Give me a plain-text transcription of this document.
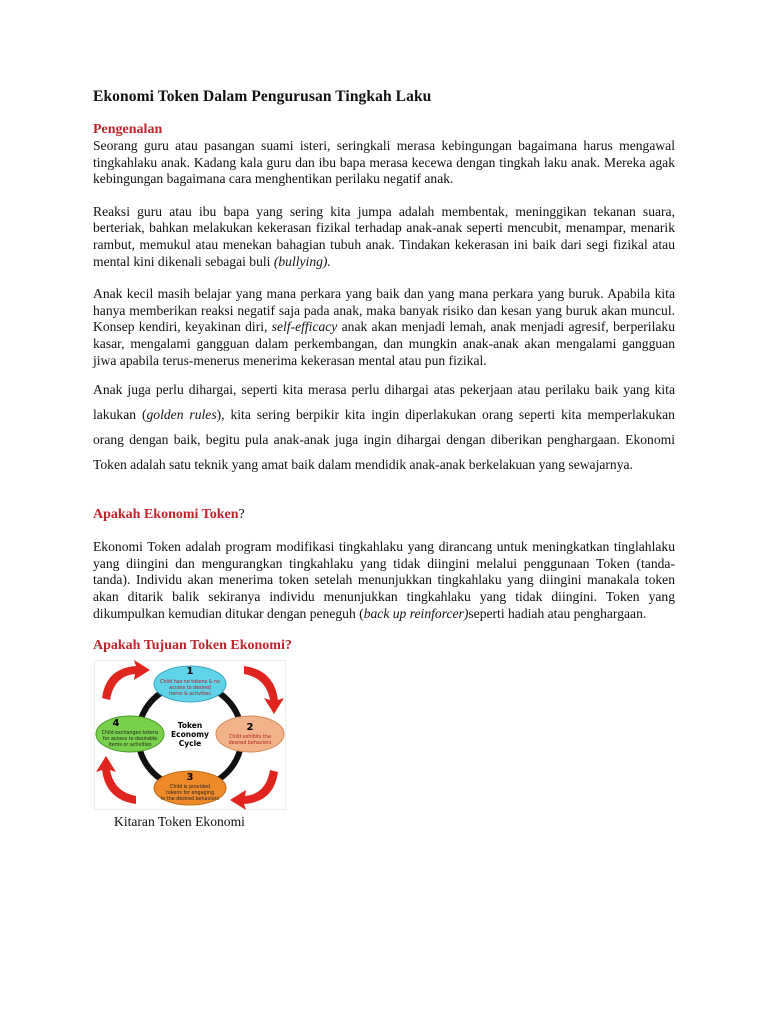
Ekonomi Token Dalam Pengurusan Tingkah Laku
Pengenalan

Seorang guru atau pasangan suami isteri, seringkali merasa kebingungan bagaimana harus mengawal tingkahlaku anak. Kadang kala guru dan ibu bapa merasa kecewa dengan tingkah laku anak. Mereka agak kebingungan bagaimana cara menghentikan perilaku negatif anak.

Reaksi guru atau ibu bapa yang sering kita jumpa adalah membentak, meninggikan tekanan suara, berteriak, bahkan melakukan kekerasan fizikal terhadap anak-anak seperti mencubit, menampar, menarik rambut, memukul atau menekan bahagian tubuh anak. Tindakan kekerasan ini baik dari segi fizikal atau mental kini dikenali sebagai buli (bullying).

Anak kecil masih belajar yang mana perkara yang baik dan yang mana perkara yang buruk. Apabila kita hanya memberikan reaksi negatif saja pada anak, maka banyak risiko dan kesan yang buruk akan muncul. Konsep kendiri, keyakinan diri, self-efficacy anak akan menjadi lemah, anak menjadi agresif, berperilaku kasar, mengalami gangguan dalam perkembangan, dan mungkin anak-anak akan mengalami gangguan jiwa apabila terus-menerus menerima kekerasan mental atau pun fizikal.

Anak juga perlu dihargai, seperti kita merasa perlu dihargai atas pekerjaan atau perilaku baik yang kita lakukan (golden rules), kita sering berpikir kita ingin diperlakukan orang seperti kita memperlakukan orang dengan baik, begitu pula anak-anak juga ingin dihargai dengan diberikan penghargaan. Ekonomi Token adalah satu teknik yang amat baik dalam mendidik anak-anak berkelakuan yang sewajarnya.

Apakah Ekonomi Token?

Ekonomi Token adalah program modifikasi tingkahlaku yang dirancang untuk meningkatkan tinglahlaku yang diingini dan mengurangkan tingkahlaku yang tidak diingini melalui penggunaan Token (tanda-tanda). Individu akan menerima token setelah menunjukkan tingkahlaku yang diingini manakala token akan ditarik balik sekiranya individu menunjukkan tingkahlaku yang tidak diingini. Token yang dikumpulkan kemudian ditukar dengan peneguh (back up reinforcer)seperti hadiah atau penghargaan.

Apakah Tujuan Token Ekonomi?
1
Child has no tokens & no
access to desired
items & activities
2
Child exhibits the
desired behaviors
3
Child is provided
tokens for engaging
in the desired behaviors
4
Child exchanges tokens
for access to desirable
items or activities
Token
Economy
Cycle
Kitaran Token Ekonomi
